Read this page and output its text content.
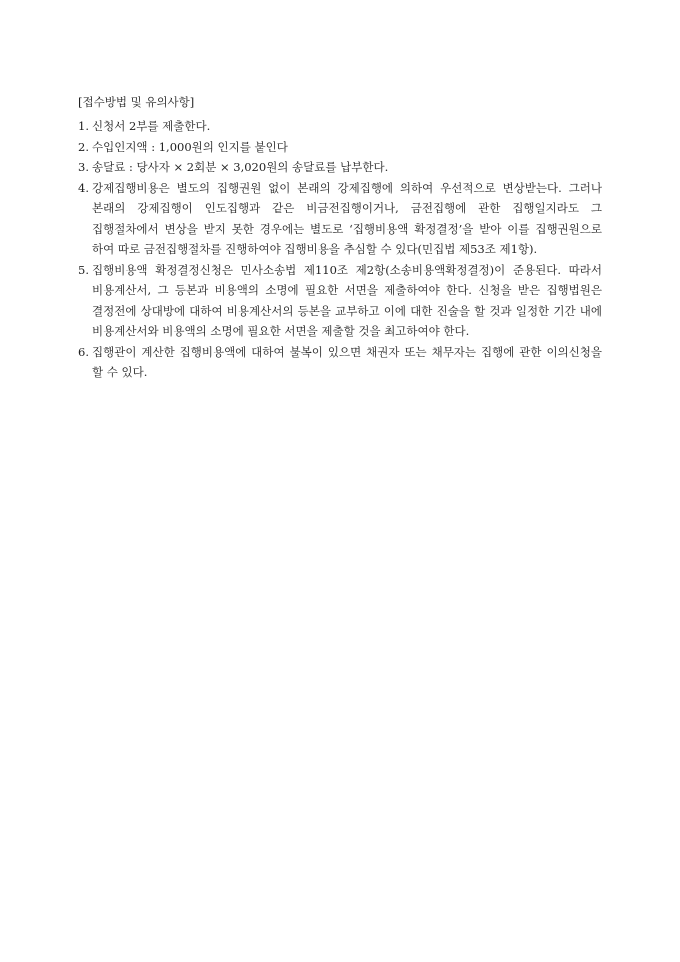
[접수방법 및 유의사항]
1. 신청서 2부를 제출한다.
2. 수입인지액 : 1,000원의 인지를 붙인다
3. 송달료 : 당사자 × 2회분 × 3,020원의 송달료를 납부한다.
4. 강제집행비용은 별도의 집행권원 없이 본래의 강제집행에 의하여 우선적으로 변상받는다. 그러나 본래의 강제집행이 인도집행과 같은 비금전집행이거나, 금전집행에 관한 집행일지라도 그 집행절차에서 변상을 받지 못한 경우에는 별도로 ‘집행비용액 확정결정’을 받아 이를 집행권원으로 하여 따로 금전집행절차를 진행하여야 집행비용을 추심할 수 있다(민집법 제53조 제1항).
5. 집행비용액 확정결정신청은 민사소송법 제110조 제2항(소송비용액확정결정)이 준용된다. 따라서 비용계산서, 그 등본과 비용액의 소명에 필요한 서면을 제출하여야 한다. 신청을 받은 집행법원은 결정전에 상대방에 대하여 비용계산서의 등본을 교부하고 이에 대한 진술을 할 것과 일정한 기간 내에 비용계산서와 비용액의 소명에 필요한 서면을 제출할 것을 최고하여야 한다.
6. 집행관이 계산한 집행비용액에 대하여 불복이 있으면 채권자 또는 채무자는 집행에 관한 이의신청을 할 수 있다.
